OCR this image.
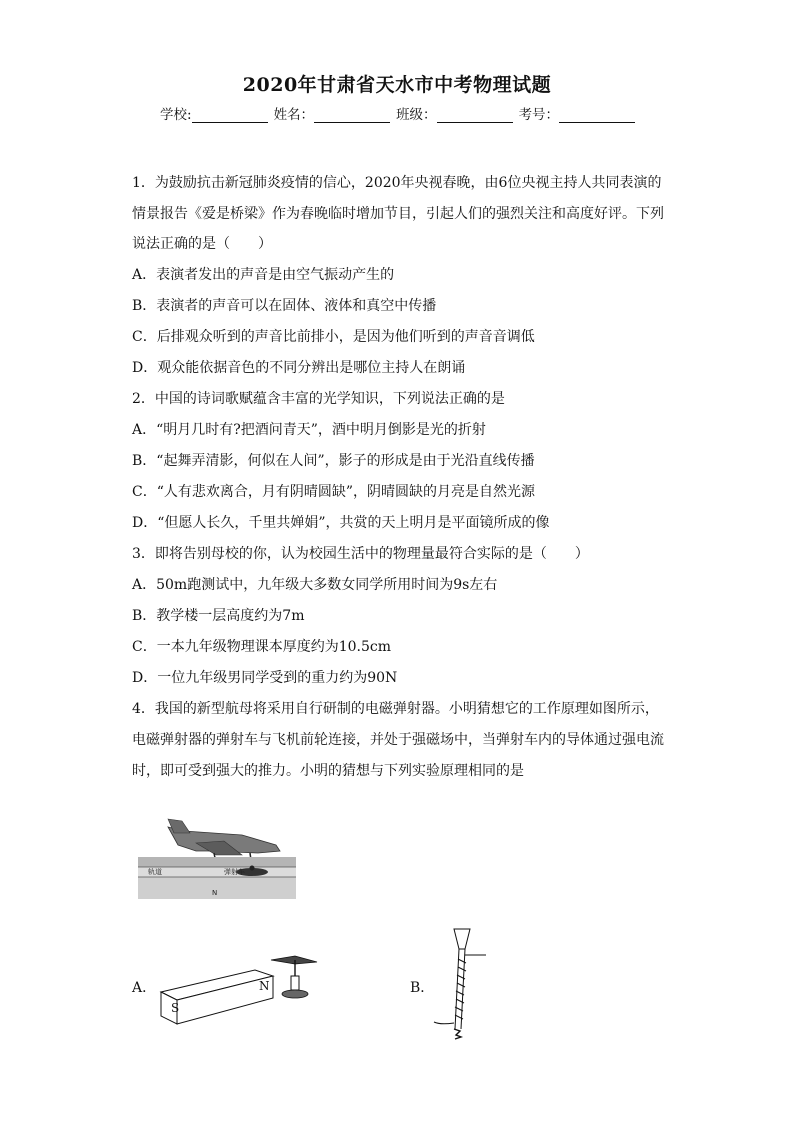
2020年甘肃省天水市中考物理试题
学校:	姓名：	班级：	考号：
1．为鼓励抗击新冠肺炎疫情的信心，2020年央视春晚，由6位央视主持人共同表演的
情景报告《爱是桥梁》作为春晚临时增加节目，引起人们的强烈关注和高度好评。下列
说法正确的是（　　）
A．表演者发出的声音是由空气振动产生的
B．表演者的声音可以在固体、液体和真空中传播
C．后排观众听到的声音比前排小，是因为他们听到的声音音调低
D．观众能依据音色的不同分辨出是哪位主持人在朗诵
2．中国的诗词歌赋蕴含丰富的光学知识，下列说法正确的是
A．“明月几时有?把酒问青天”，酒中明月倒影是光的折射
B．“起舞弄清影，何似在人间”，影子的形成是由于光沿直线传播
C．“人有悲欢离合，月有阴晴圆缺”，阴晴圆缺的月亮是自然光源
D．“但愿人长久，千里共婵娟”，共赏的天上明月是平面镜所成的像
3．即将告别母校的你，认为校园生活中的物理量最符合实际的是（　　）
A．50m跑测试中，九年级大多数女同学所用时间为9s左右
B．教学楼一层高度约为7m
C．一本九年级物理课本厚度约为10.5cm
D．一位九年级男同学受到的重力约为90N
4．我国的新型航母将采用自行研制的电磁弹射器。小明猜想它的工作原理如图所示，
电磁弹射器的弹射车与飞机前轮连接，并处于强磁场中，当弹射车内的导体通过强电流
时，即可受到强大的推力。小明的猜想与下列实验原理相同的是
轨道	弹射车
N
A．	B．
S
N
